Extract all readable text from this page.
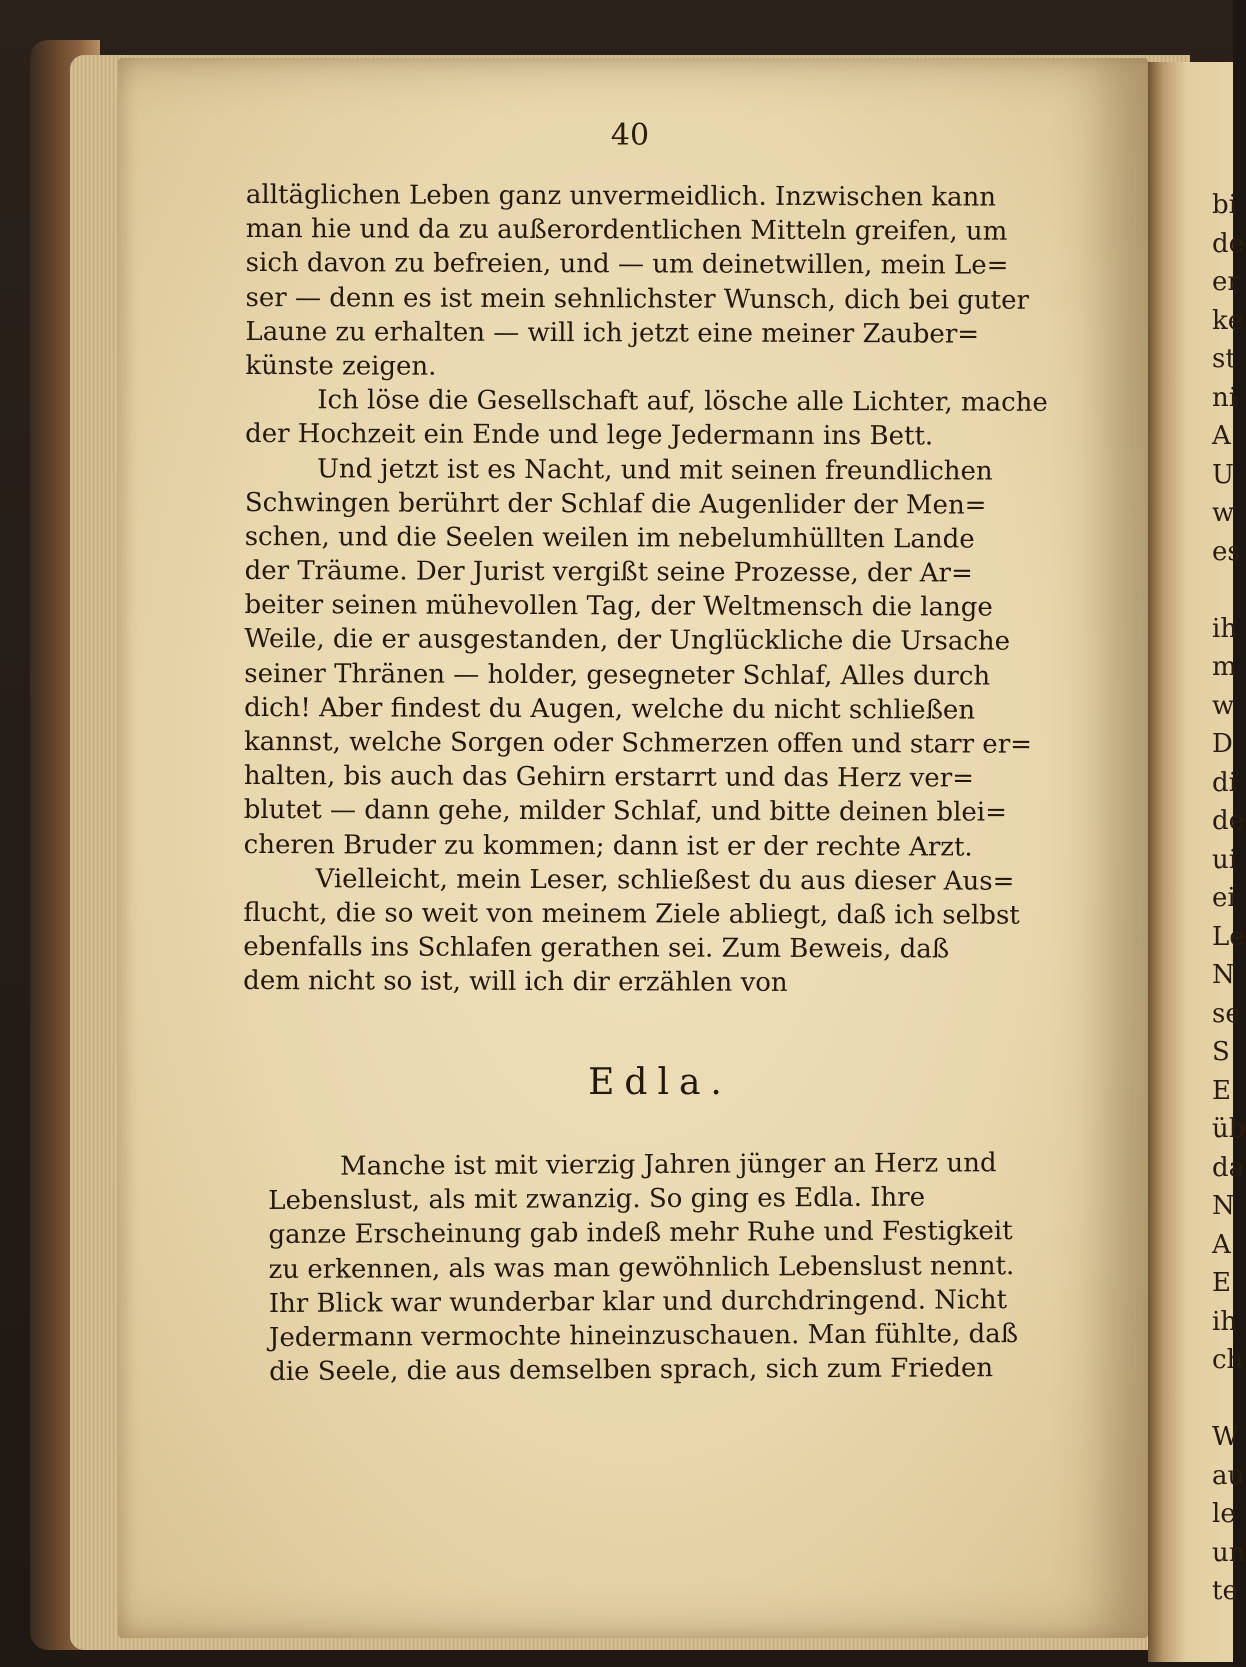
bi
de
er
ke
st
ni
A
U
w
es
ih
m
w
D
di
de
ui
ei
Le
N
se
S
E
üb
da
N
A
E
ih
ch
W
au
le
un
te
40
alltäglichen Leben ganz unvermeidlich. Inzwischen kann
man hie und da zu außerordentlichen Mitteln greifen, um
sich davon zu befreien, und — um deinetwillen, mein Le=
ser — denn es ist mein sehnlichster Wunsch, dich bei guter
Laune zu erhalten — will ich jetzt eine meiner Zauber=
künste zeigen.
Ich löse die Gesellschaft auf, lösche alle Lichter, mache
der Hochzeit ein Ende und lege Jedermann ins Bett.
Und jetzt ist es Nacht, und mit seinen freundlichen
Schwingen berührt der Schlaf die Augenlider der Men=
schen, und die Seelen weilen im nebelumhüllten Lande
der Träume. Der Jurist vergißt seine Prozesse, der Ar=
beiter seinen mühevollen Tag, der Weltmensch die lange
Weile, die er ausgestanden, der Unglückliche die Ursache
seiner Thränen — holder, gesegneter Schlaf, Alles durch
dich! Aber findest du Augen, welche du nicht schließen
kannst, welche Sorgen oder Schmerzen offen und starr er=
halten, bis auch das Gehirn erstarrt und das Herz ver=
blutet — dann gehe, milder Schlaf, und bitte deinen blei=
cheren Bruder zu kommen; dann ist er der rechte Arzt.
Vielleicht, mein Leser, schließest du aus dieser Aus=
flucht, die so weit von meinem Ziele abliegt, daß ich selbst
ebenfalls ins Schlafen gerathen sei. Zum Beweis, daß
dem nicht so ist, will ich dir erzählen von
Edla.
Manche ist mit vierzig Jahren jünger an Herz und
Lebenslust, als mit zwanzig. So ging es Edla. Ihre
ganze Erscheinung gab indeß mehr Ruhe und Festigkeit
zu erkennen, als was man gewöhnlich Lebenslust nennt.
Ihr Blick war wunderbar klar und durchdringend. Nicht
Jedermann vermochte hineinzuschauen. Man fühlte, daß
die Seele, die aus demselben sprach, sich zum Frieden
